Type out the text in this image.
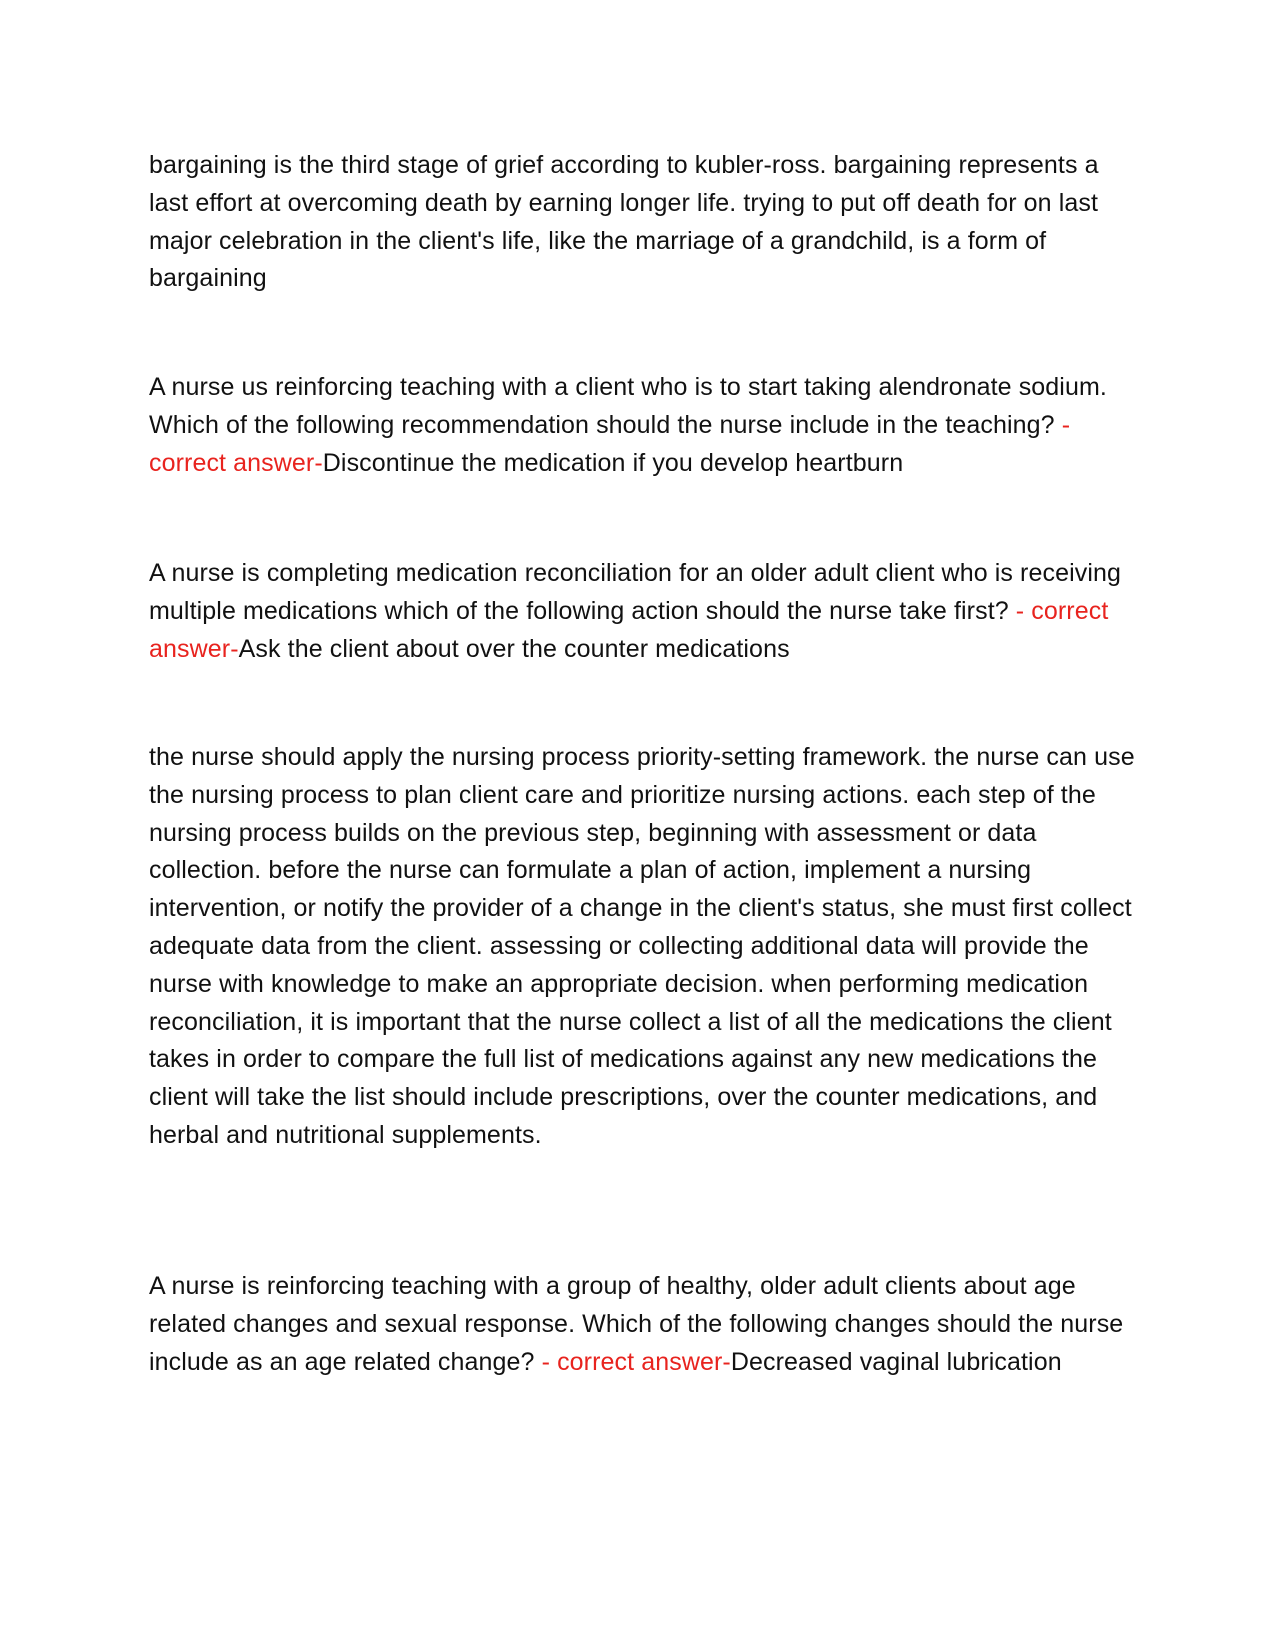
bargaining is the third stage of grief according to kubler-ross. bargaining represents a last effort at overcoming death by earning longer life. trying to put off death for on last major celebration in the client's life, like the marriage of a grandchild, is a form of bargaining

A nurse us reinforcing teaching with a client who is to start taking alendronate sodium. Which of the following recommendation should the nurse include in the teaching? - correct answer-Discontinue the medication if you develop heartburn

A nurse is completing medication reconciliation for an older adult client who is receiving multiple medications which of the following action should the nurse take first? - correct answer-Ask the client about over the counter medications

the nurse should apply the nursing process priority-setting framework. the nurse can use the nursing process to plan client care and prioritize nursing actions. each step of the nursing process builds on the previous step, beginning with assessment or data collection. before the nurse can formulate a plan of action, implement a nursing intervention, or notify the provider of a change in the client's status, she must first collect adequate data from the client. assessing or collecting additional data will provide the nurse with knowledge to make an appropriate decision. when performing medication reconciliation, it is important that the nurse collect a list of all the medications the client takes in order to compare the full list of medications against any new medications the client will take the list should include prescriptions, over the counter medications, and herbal and nutritional supplements.

A nurse is reinforcing teaching with a group of healthy, older adult clients about age related changes and sexual response. Which of the following changes should the nurse include as an age related change? - correct answer-Decreased vaginal lubrication
